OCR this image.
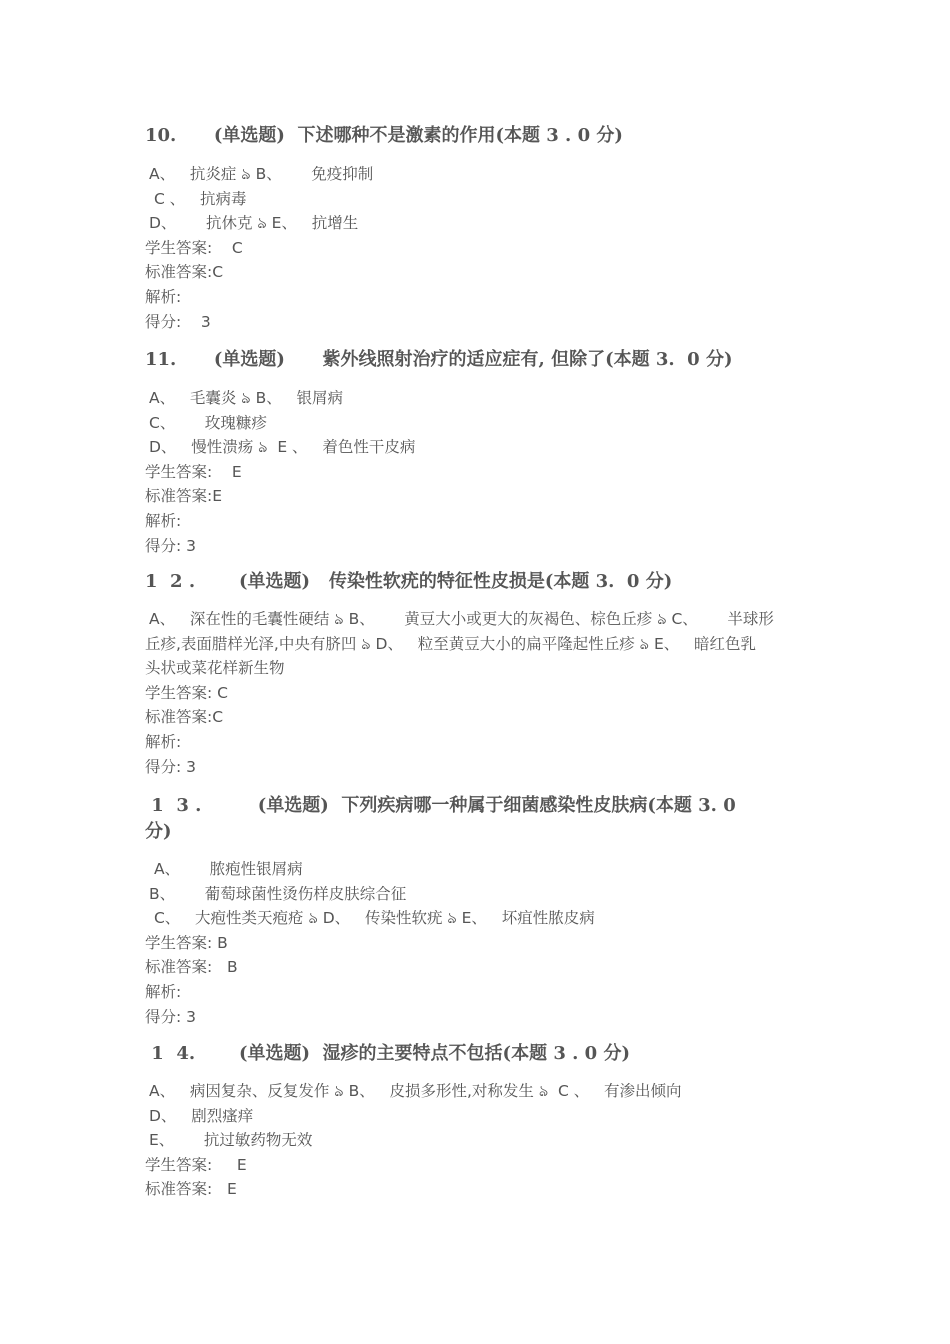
10.      (单选题)  下述哪种不是激素的作用(本题 3 . 0 分)

A、   抗炎症 ঌ B、      免疫抑制

C 、   抗病毒

D、      抗休克 ঌ E、   抗增生

学生答案:    C

标准答案:C

解析:

得分:    3

11.      (单选题)      紫外线照射治疗的适应症有, 但除了(本题 3.  0 分)

A、   毛囊炎 ঌ B、   银屑病

C、      玫瑰糠疹

D、   慢性溃疡 ঌ  E 、   着色性干皮病

学生答案:    E

标准答案:E

解析:

得分: 3

1  2 .       (单选题)   传染性软疣的特征性皮损是(本题 3.  0 分)

A、   深在性的毛囊性硬结 ঌ B、      黄豆大小或更大的灰褐色、棕色丘疹 ঌ C、      半球形

丘疹,表面腊样光泽,中央有脐凹 ঌ D、   粒至黄豆大小的扁平隆起性丘疹 ঌ E、   暗红色乳

头状或菜花样新生物

学生答案: C

标准答案:C

解析:

得分: 3

1  3 .         (单选题)  下列疾病哪一种属于细菌感染性皮肤病(本题 3. 0
分)

A、      脓疱性银屑病

B、      葡萄球菌性烫伤样皮肤综合征

C、   大疱性类天疱疮 ঌ D、   传染性软疣 ঌ E、   坏疽性脓皮病

学生答案: B

标准答案:   B

解析:

得分: 3

1  4.       (单选题)  湿疹的主要特点不包括(本题 3 . 0 分)

A、   病因复杂、反复发作 ঌ B、   皮损多形性,对称发生 ঌ  C 、   有渗出倾向

D、   剧烈瘙痒

E、      抗过敏药物无效

学生答案:     E

标准答案:   E
